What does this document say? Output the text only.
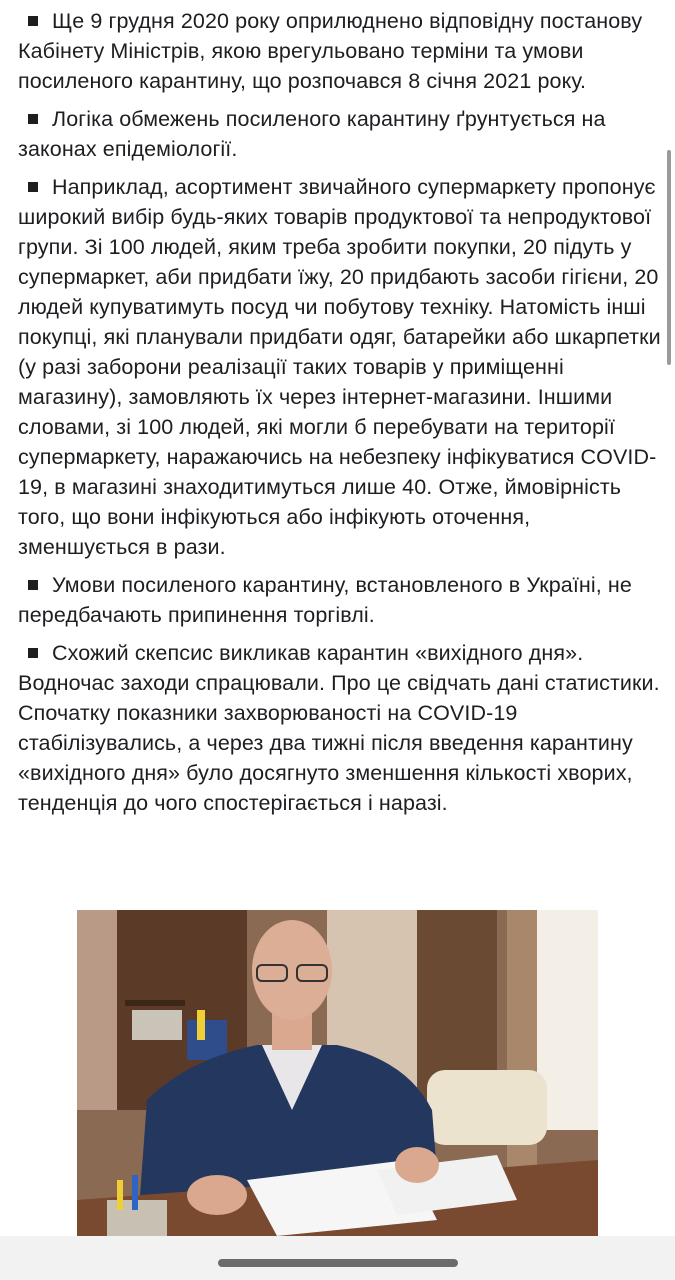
Ще 9 грудня 2020 року оприлюднено відповідну постанову Кабінету Міністрів, якою врегульовано терміни та умови посиленого карантину, що розпочався 8 січня 2021 року.

Логіка обмежень посиленого карантину ґрунтується на законах епідеміології.

Наприклад, асортимент звичайного супермаркету пропонує широкий вибір будь-яких товарів продуктової та непродуктової групи. Зі 100 людей, яким треба зробити покупки, 20 підуть у супермаркет, аби придбати їжу, 20 придбають засоби гігієни, 20 людей купуватимуть посуд чи побутову техніку. Натомість інші покупці, які планували придбати одяг, батарейки або шкарпетки (у разі заборони реалізації таких товарів у приміщенні магазину), замовляють їх через інтернет-магазини. Іншими словами, зі 100 людей, які могли б перебувати на території супермаркету, наражаючись на небезпеку інфікуватися COVID-19, в магазині знаходитимуться лише 40. Отже, ймовірність того, що вони інфікуються або інфікують оточення, зменшується в рази.

Умови посиленого карантину, встановленого в Україні, не передбачають припинення торгівлі.

Схожий скепсис викликав карантин «вихідного дня». Водночас заходи спрацювали. Про це свідчать дані статистики. Спочатку показники захворюваності на COVID-19 стабілізувались, а через два тижні після введення карантину «вихідного дня» було досягнуто зменшення кількості хворих, тенденція до чого спостерігається і наразі.
